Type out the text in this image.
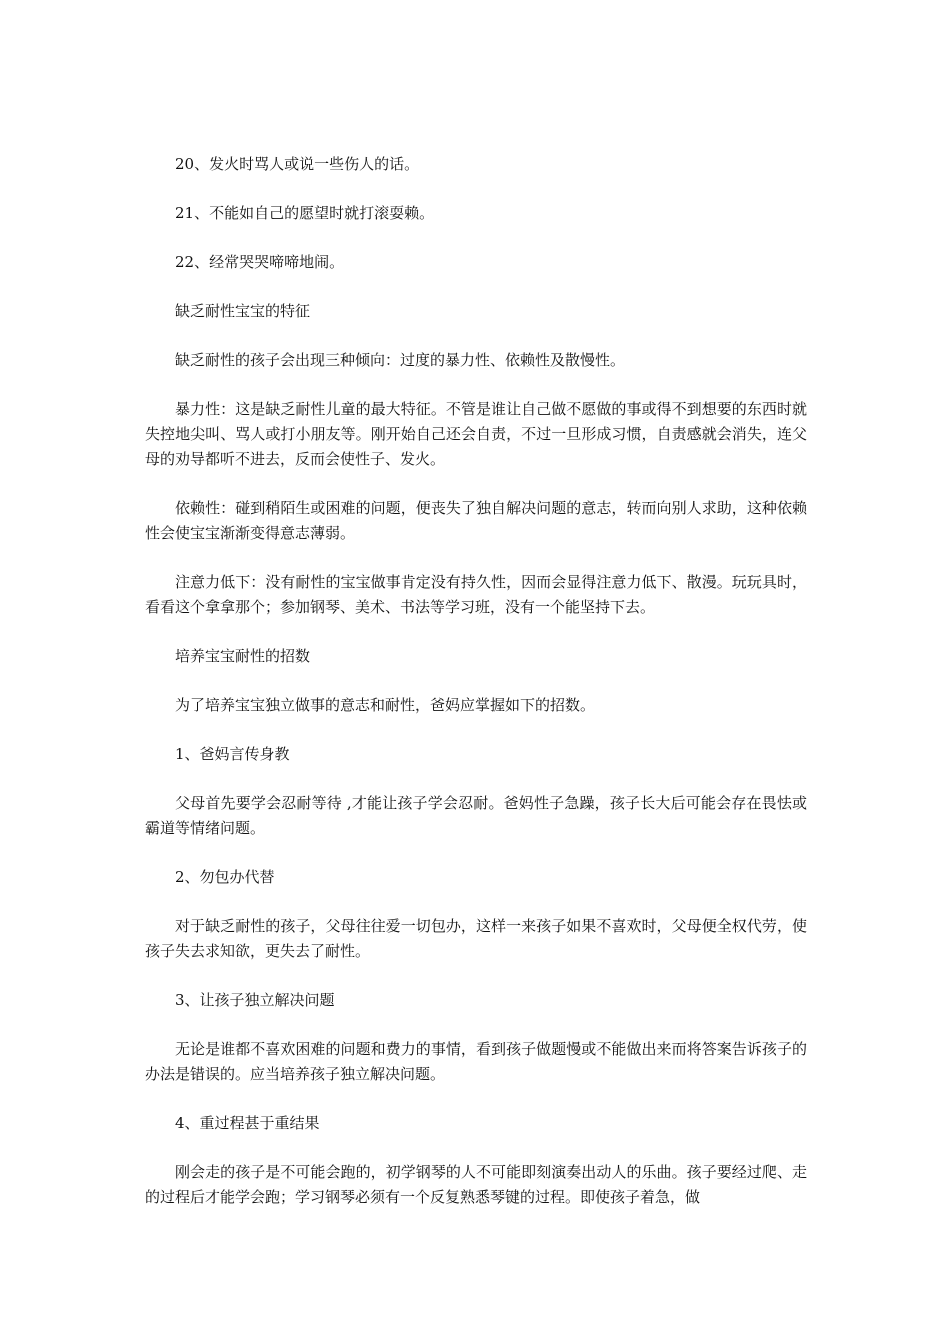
20、发火时骂人或说一些伤人的话。

21、不能如自己的愿望时就打滚耍赖。

22、经常哭哭啼啼地闹。

缺乏耐性宝宝的特征

缺乏耐性的孩子会出现三种倾向：过度的暴力性、依赖性及散慢性。

暴力性：这是缺乏耐性儿童的最大特征。不管是谁让自己做不愿做的事或得不到想要的东西时就失控地尖叫、骂人或打小朋友等。刚开始自己还会自责，不过一旦形成习惯，自责感就会消失，连父母的劝导都听不进去，反而会使性子、发火。

依赖性：碰到稍陌生或困难的问题，便丧失了独自解决问题的意志，转而向别人求助，这种依赖性会使宝宝渐渐变得意志薄弱。

注意力低下：没有耐性的宝宝做事肯定没有持久性，因而会显得注意力低下、散漫。玩玩具时，看看这个拿拿那个；参加钢琴、美术、书法等学习班，没有一个能坚持下去。

培养宝宝耐性的招数

为了培养宝宝独立做事的意志和耐性，爸妈应掌握如下的招数。

1、爸妈言传身教

父母首先要学会忍耐等待 ,才能让孩子学会忍耐。爸妈性子急躁，孩子长大后可能会存在畏怯或霸道等情绪问题。

2、勿包办代替

对于缺乏耐性的孩子，父母往往爱一切包办，这样一来孩子如果不喜欢时，父母便全权代劳，使孩子失去求知欲，更失去了耐性。

3、让孩子独立解决问题

无论是谁都不喜欢困难的问题和费力的事情，看到孩子做题慢或不能做出来而将答案告诉孩子的办法是错误的。应当培养孩子独立解决问题。

4、重过程甚于重结果

刚会走的孩子是不可能会跑的，初学钢琴的人不可能即刻演奏出动人的乐曲。孩子要经过爬、走的过程后才能学会跑；学习钢琴必须有一个反复熟悉琴键的过程。即使孩子着急，做
